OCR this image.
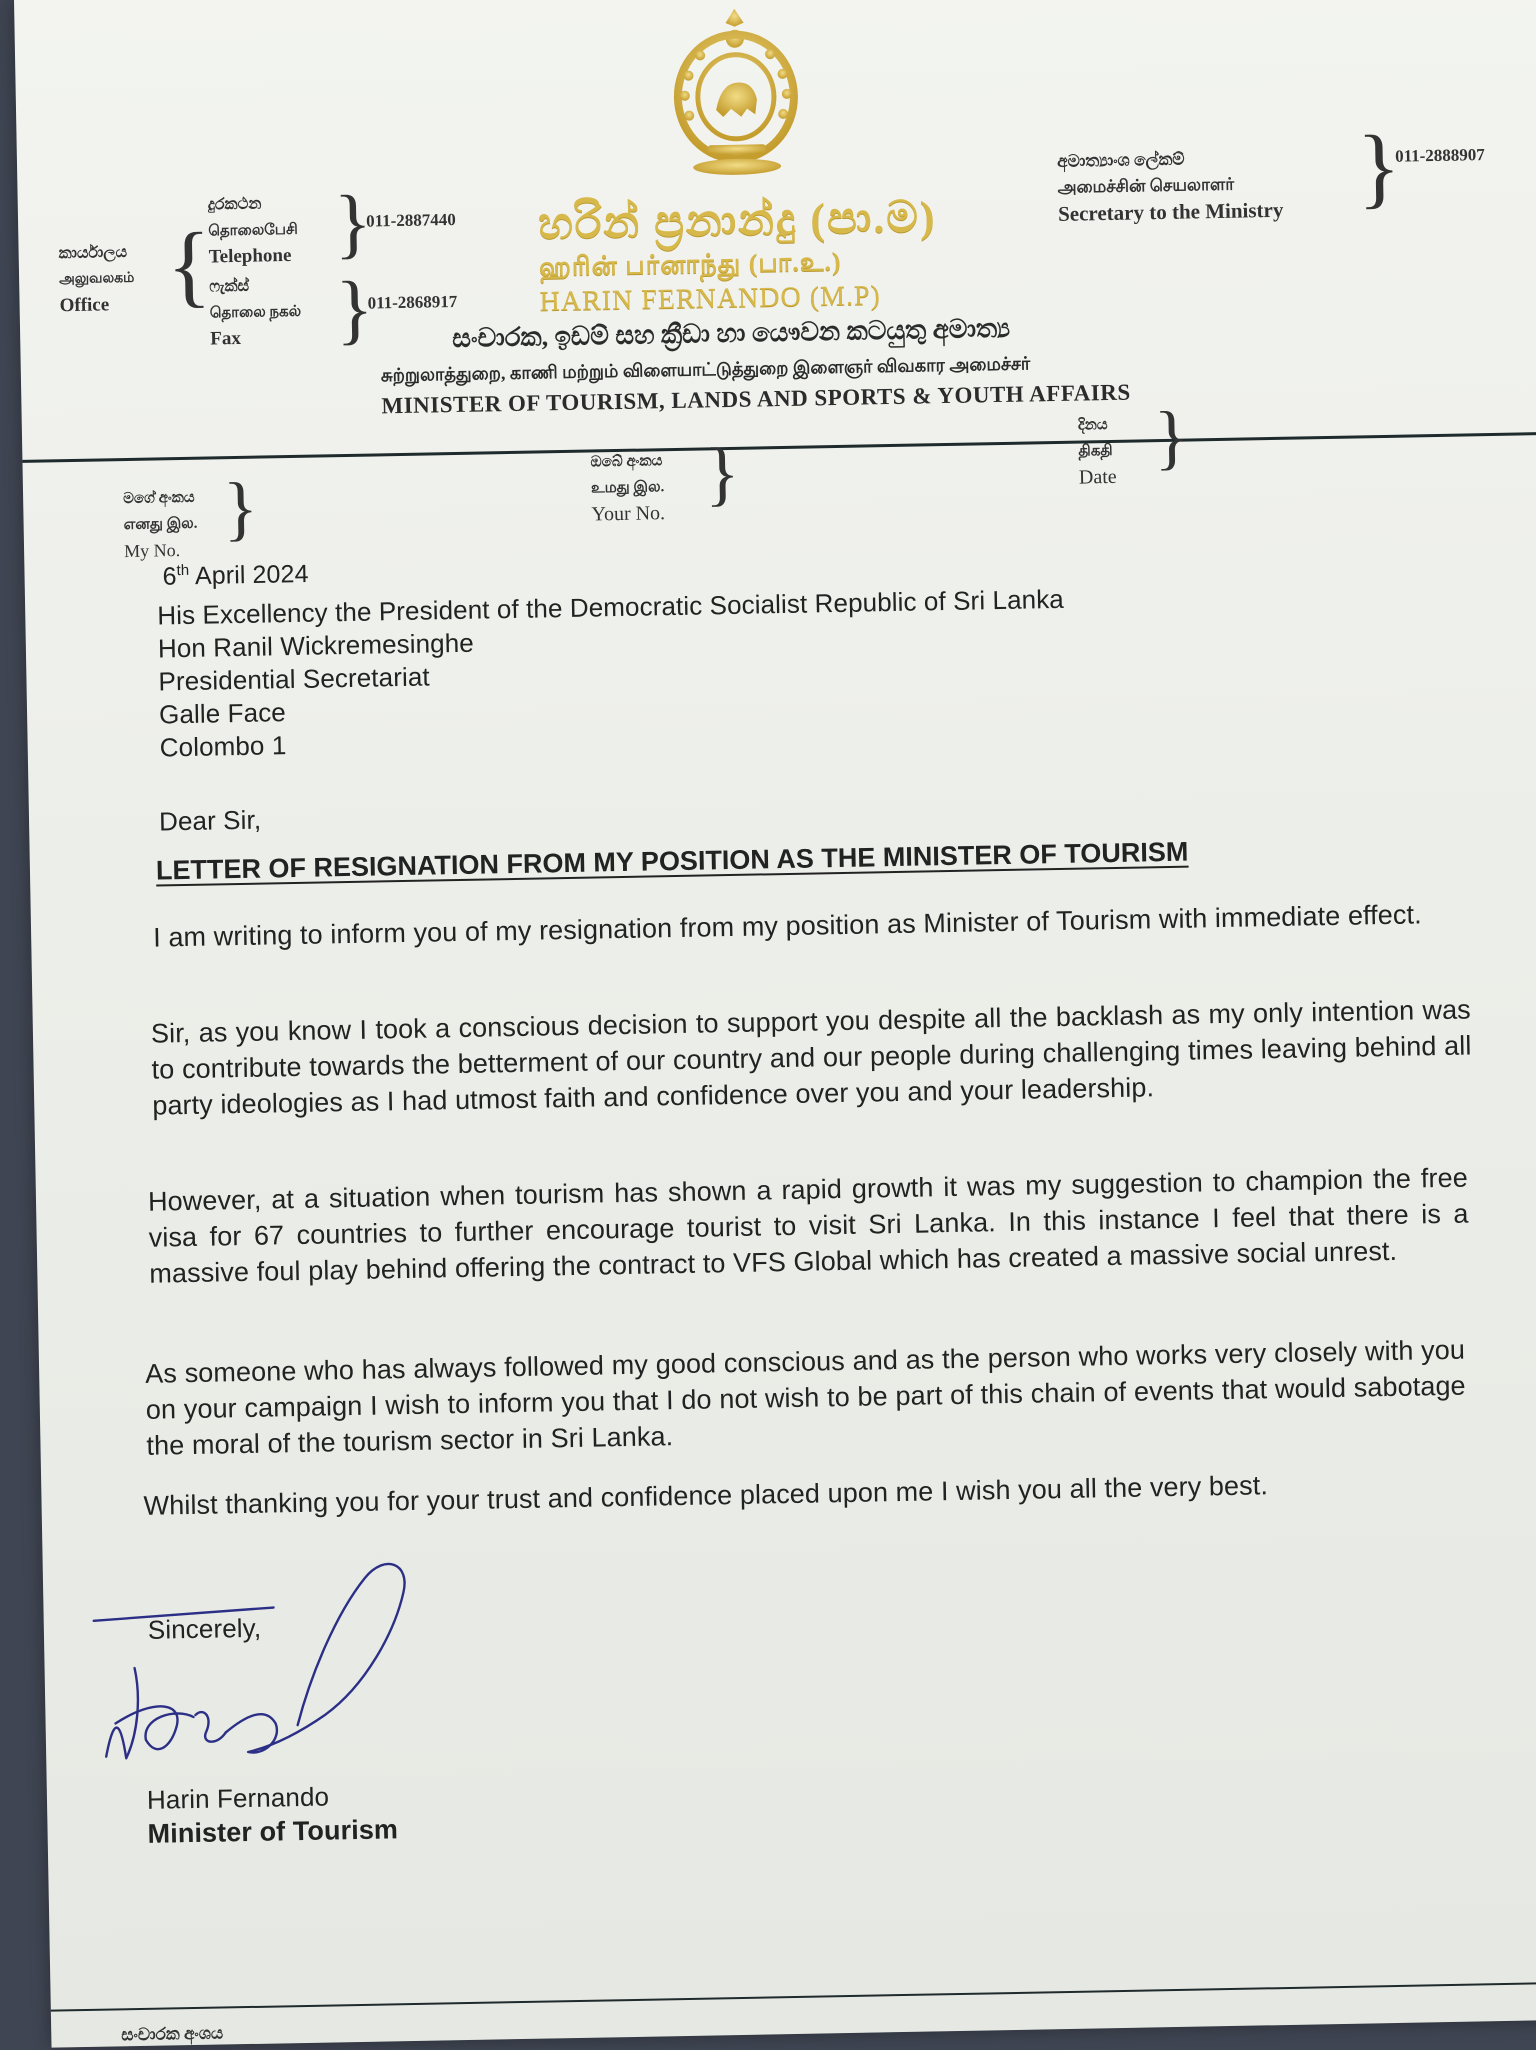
කාර්යාලය
அலுவலகம்
Office {
දුරකථන
தொலைபேசி
Telephone }
011-2887440
ෆැක්ස්
தொலை நகல்
Fax	}
011-2868917
හරින් ප්‍රනාන්දු (පා.ම)
ஹரின் பர்னாந்து (பா.உ.)
HARIN FERNANDO (M.P)
සංචාරක, ඉඩම් සහ ක්‍රීඩා හා යෞවන කටයුතු අමාත්‍ය
சுற்றுலாத்துறை, காணி மற்றும் விளையாட்டுத்துறை இளைஞர் விவகார அமைச்சர்
MINISTER OF TOURISM, LANDS AND SPORTS & YOUTH AFFAIRS
අමාත්‍යාංශ ලේකම්
அமைச்சின் செயலாளர்
Secretary to the Ministry }
011-2888907
මගේ අංකය
எனது இல.
My No.
}
ඔබේ අංකය
உமது இல.
Your No.
}
දිනය
திகதி
Date
}
6th April 2024
His Excellency the President of the Democratic Socialist Republic of Sri Lanka
Hon Ranil Wickremesinghe
Presidential Secretariat
Galle Face
Colombo 1
Dear Sir,
LETTER OF RESIGNATION FROM MY POSITION AS THE MINISTER OF TOURISM
I am writing to inform you of my resignation from my position as Minister of Tourism with immediate effect.
Sir, as you know I took a conscious decision to support you despite all the backlash as my only intention was to contribute towards the betterment of our country and our people during challenging times leaving behind all party ideologies as I had utmost faith and confidence over you and your leadership.
However, at a situation when tourism has shown a rapid growth it was my suggestion to champion the free visa for 67 countries to further encourage tourist to visit Sri Lanka. In this instance I feel that there is a massive foul play behind offering the contract to VFS Global which has created a massive social unrest.
As someone who has always followed my good conscious and as the person who works very closely with you on your campaign I wish to inform you that I do not wish to be part of this chain of events that would sabotage the moral of the tourism sector in Sri Lanka.
Whilst thanking you for your trust and confidence placed upon me I wish you all the very best.
Sincerely,
Harin Fernando
Minister of Tourism
සංචාරක අංශය
